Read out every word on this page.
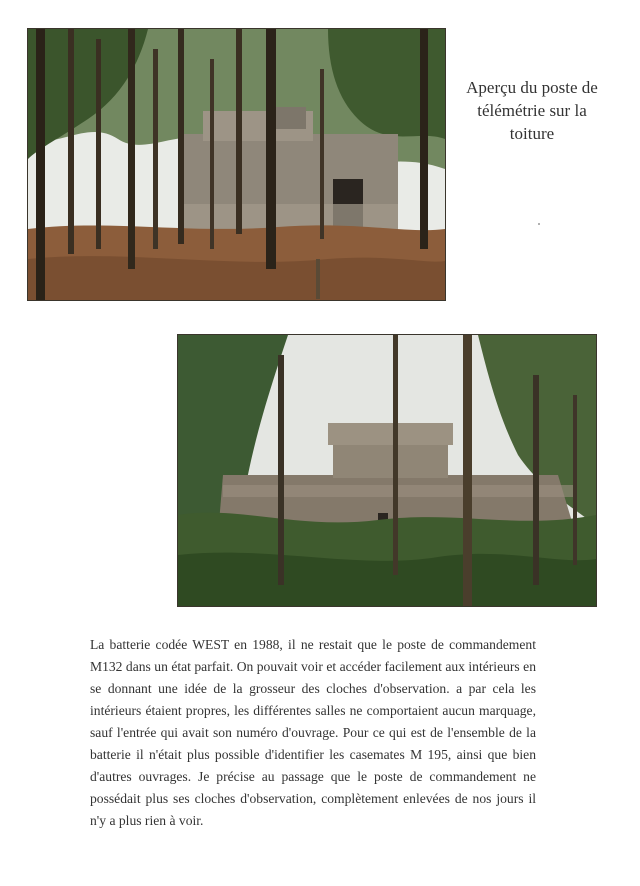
Aperçu du poste de télémétrie sur la toiture
La batterie codée WEST en 1988, il ne restait que le poste de commandement M132 dans un état parfait. On pouvait voir et accéder facilement aux intérieurs en se donnant une idée de la grosseur des cloches d'observation. a par cela les intérieurs étaient propres, les différentes salles ne comportaient aucun marquage, sauf l'entrée qui avait son numéro d'ouvrage. Pour ce qui est de l'ensemble de la batterie il n'était plus possible d'identifier les casemates M 195, ainsi que bien d'autres ouvrages. Je précise au passage que le poste de commandement ne possédait plus ses cloches d'observation, complètement enlevées de nos jours il n'y a plus rien à voir.
